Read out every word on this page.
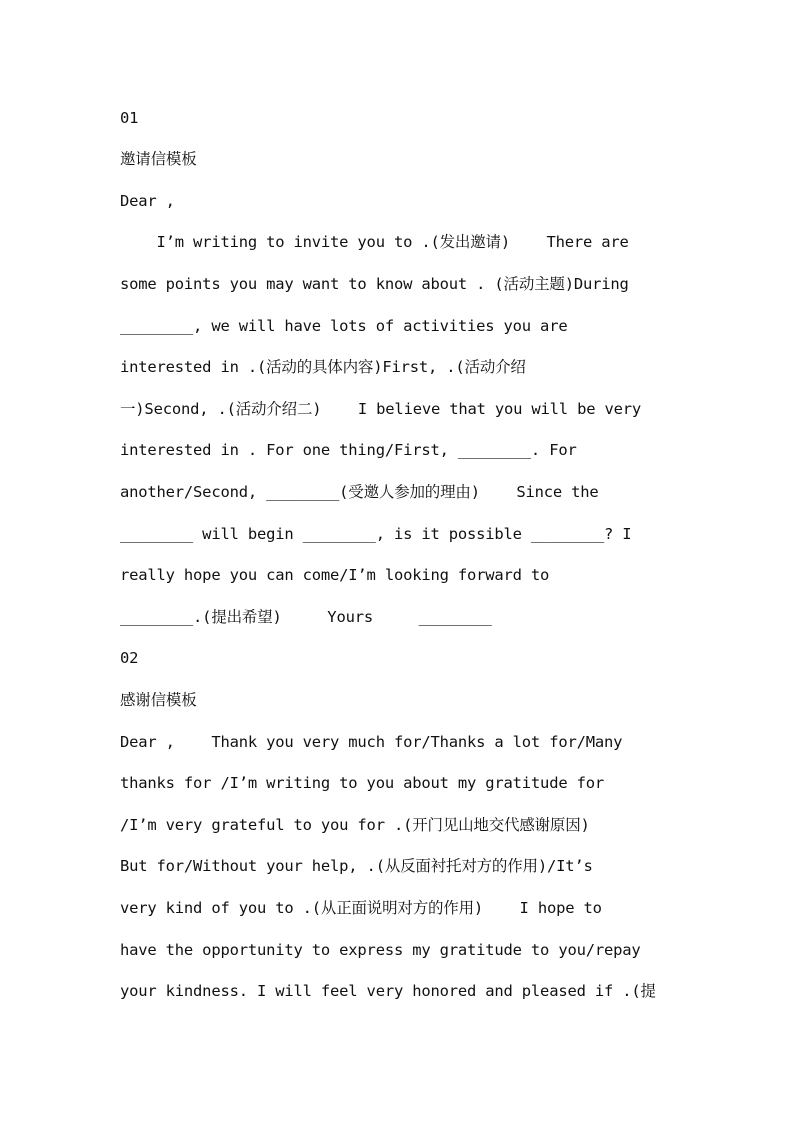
01
邀请信模板
Dear ,
I’m writing to invite you to .(发出邀请)    There are
some points you may want to know about . (活动主题)During
________, we will have lots of activities you are
interested in .(活动的具体内容)First, .(活动介绍
一)Second, .(活动介绍二)    I believe that you will be very
interested in . For one thing/First, ________. For
another/Second, ________(受邀人参加的理由)    Since the
________ will begin ________, is it possible ________? I
really hope you can come/I’m looking forward to
________.(提出希望)     Yours     ________
02
感谢信模板
Dear ,    Thank you very much for/Thanks a lot for/Many
thanks for /I’m writing to you about my gratitude for
/I’m very grateful to you for .(开门见山地交代感谢原因)
But for/Without your help, .(从反面衬托对方的作用)/It’s
very kind of you to .(从正面说明对方的作用)    I hope to
have the opportunity to express my gratitude to you/repay
your kindness. I will feel very honored and pleased if .(提
